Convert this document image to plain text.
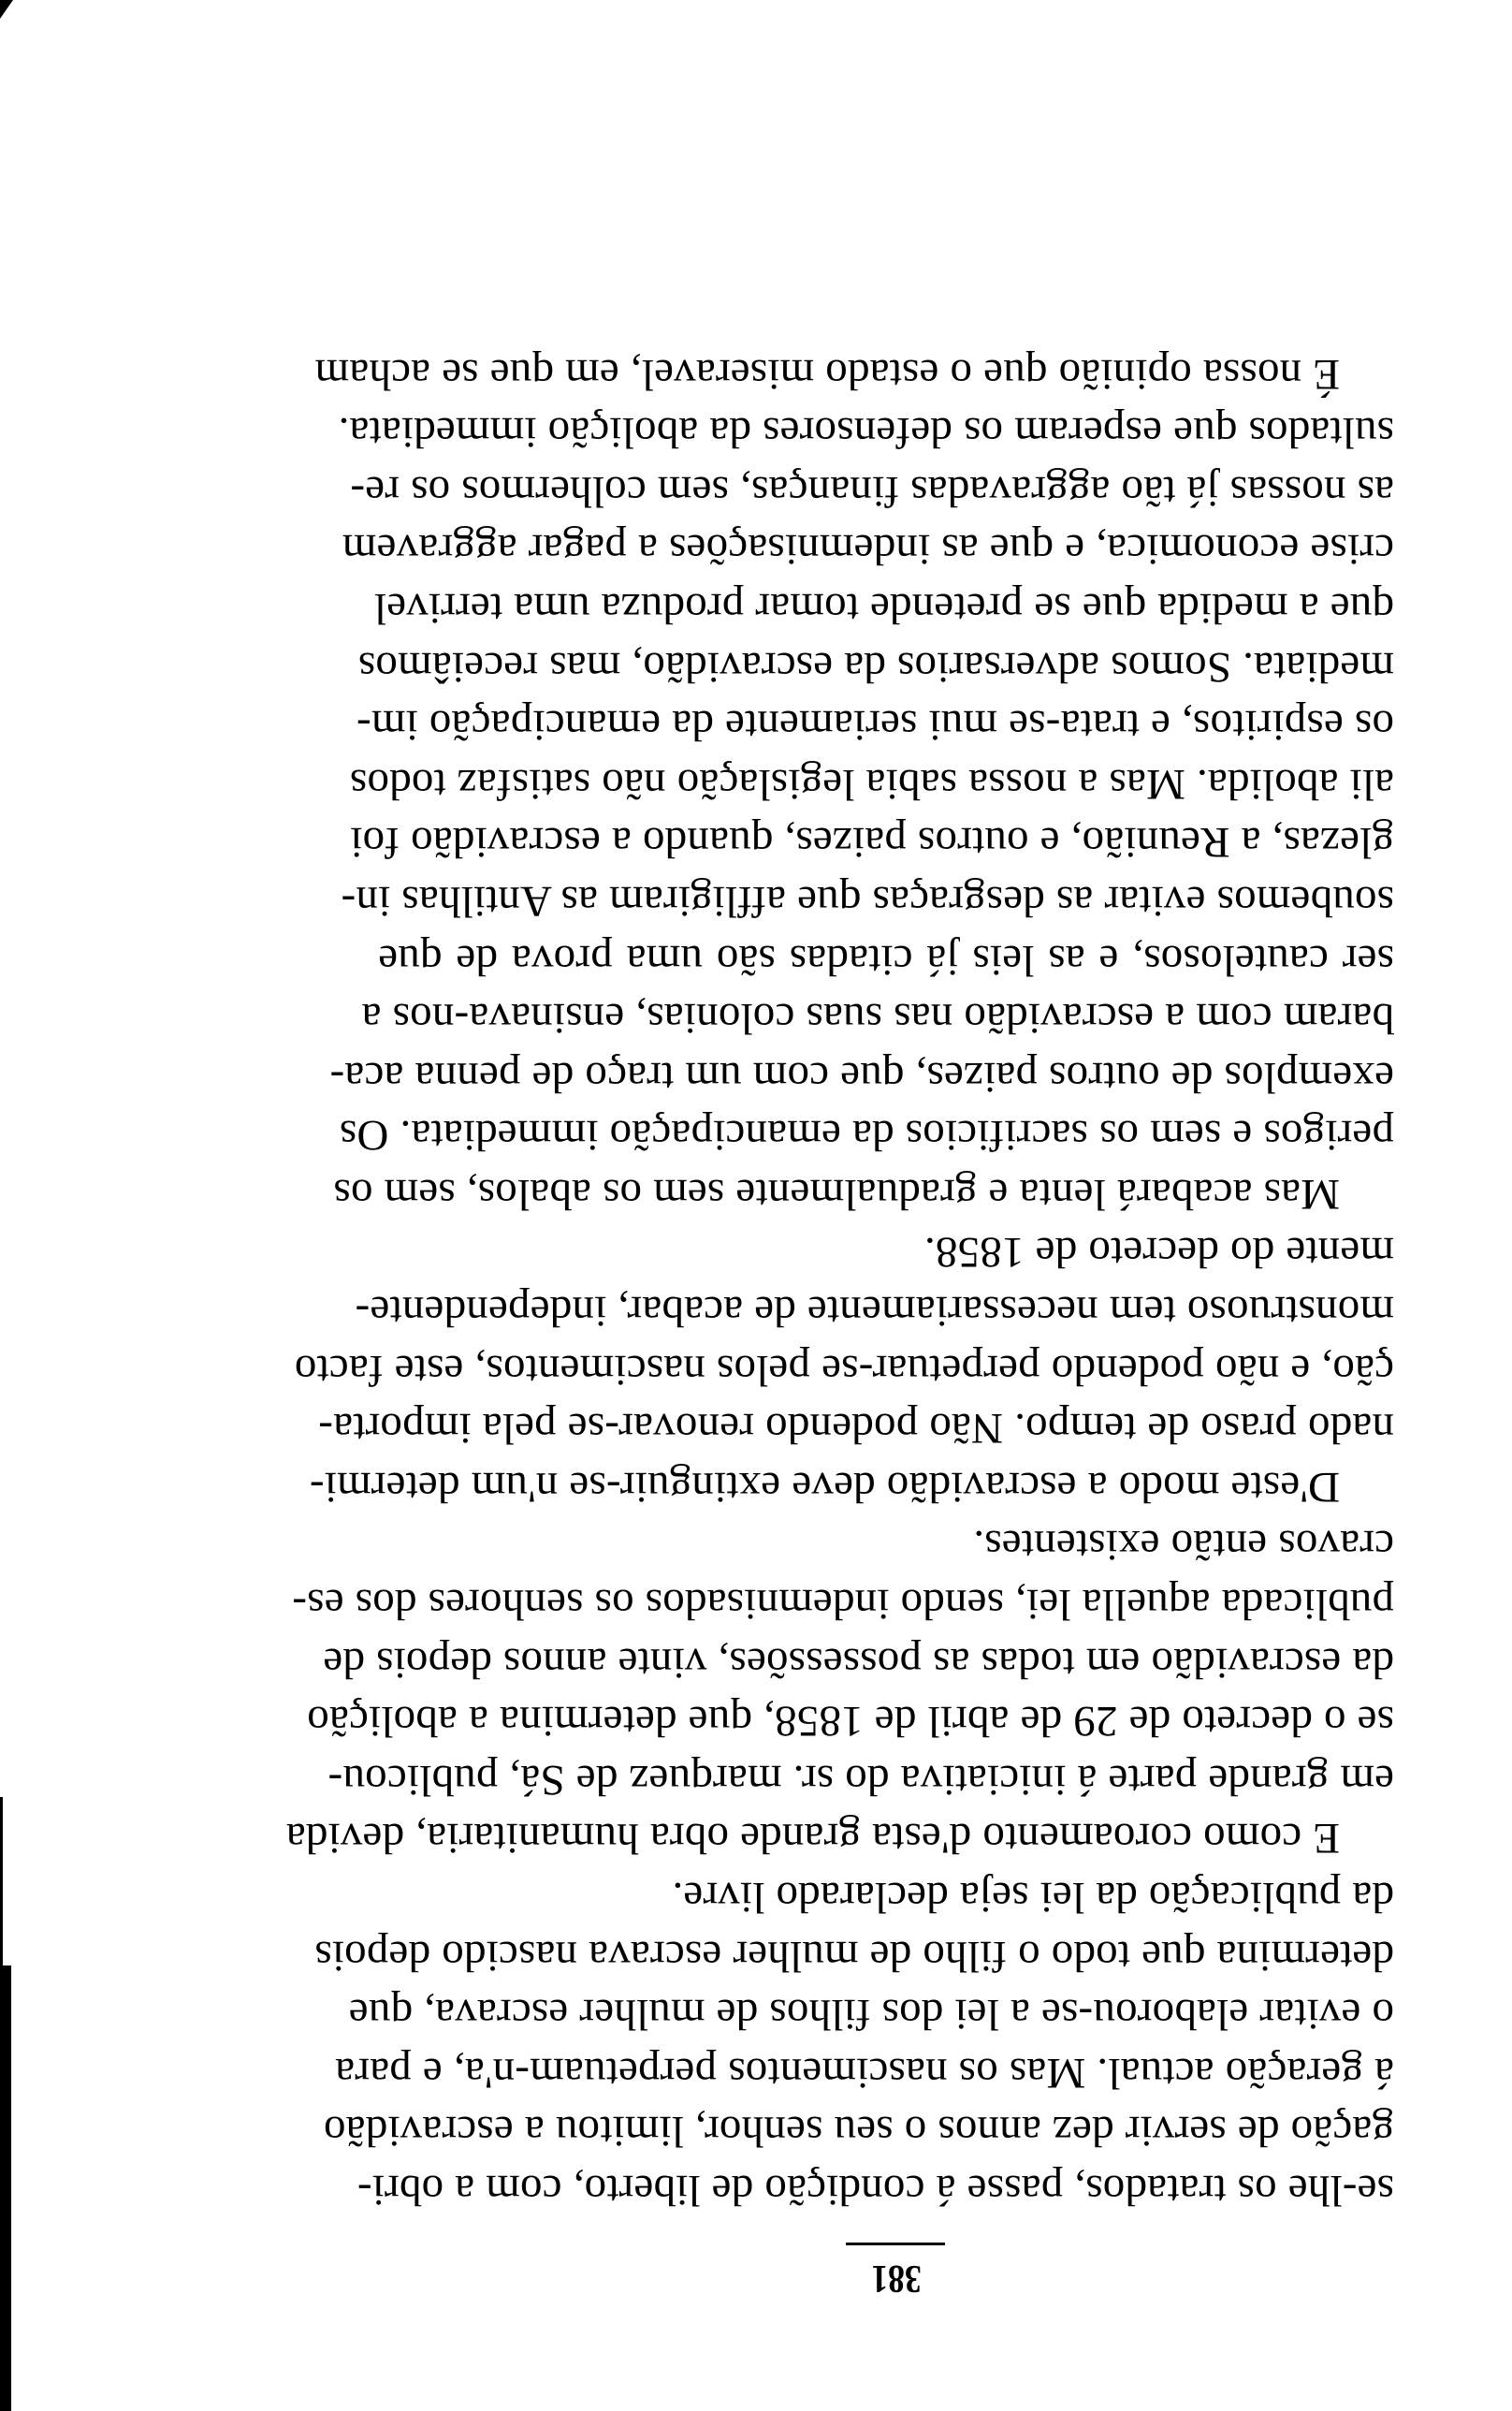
381
se-lhe os tratados, passe á condição de liberto, com a obri-
gação de servir dez annos o seu senhor, limitou a escravidão
á geração actual. Mas os nascimentos perpetuam-n'a, e para
o evitar elaborou-se a lei dos filhos de mulher escrava, que
determina que todo o filho de mulher escrava nascido depois
da publicação da lei seja declarado livre.
E como coroamento d'esta grande obra humanitaria, devida
em grande parte á iniciativa do sr. marquez de Sá, publicou-
se o decreto de 29 de abril de 1858, que determina a abolição
da escravidão em todas as possessões, vinte annos depois de
publicada aquella lei, sendo indemnisados os senhores dos es-
cravos então existentes.
D'este modo a escravidão deve extinguir-se n'um determi-
nado praso de tempo. Não podendo renovar-se pela importa-
ção, e não podendo perpetuar-se pelos nascimentos, este facto
monstruoso tem necessariamente de acabar, independente-
mente do decreto de 1858.
Mas acabará lenta e gradualmente sem os abalos, sem os
perigos e sem os sacrificios da emancipação immediata. Os
exemplos de outros paizes, que com um traço de penna aca-
baram com a escravidão nas suas colonias, ensinava-nos a
ser cautelosos, e as leis já citadas são uma prova de que
soubemos evitar as desgraças que affligiram as Antilhas in-
glezas, a Reunião, e outros paizes, quando a escravidão foi
ali abolida. Mas a nossa sabia legislação não satisfaz todos
os espiritos, e trata-se mui seriamente da emancipação im-
mediata. Somos adversarios da escravidão, mas receiâmos
que a medida que se pretende tomar produza uma terrivel
crise economica, e que as indemnisações a pagar aggravem
as nossas já tão aggravadas finanças, sem colhermos os re-
sultados que esperam os defensores da abolição immediata.
É nossa opinião que o estado miseravel, em que se acham
